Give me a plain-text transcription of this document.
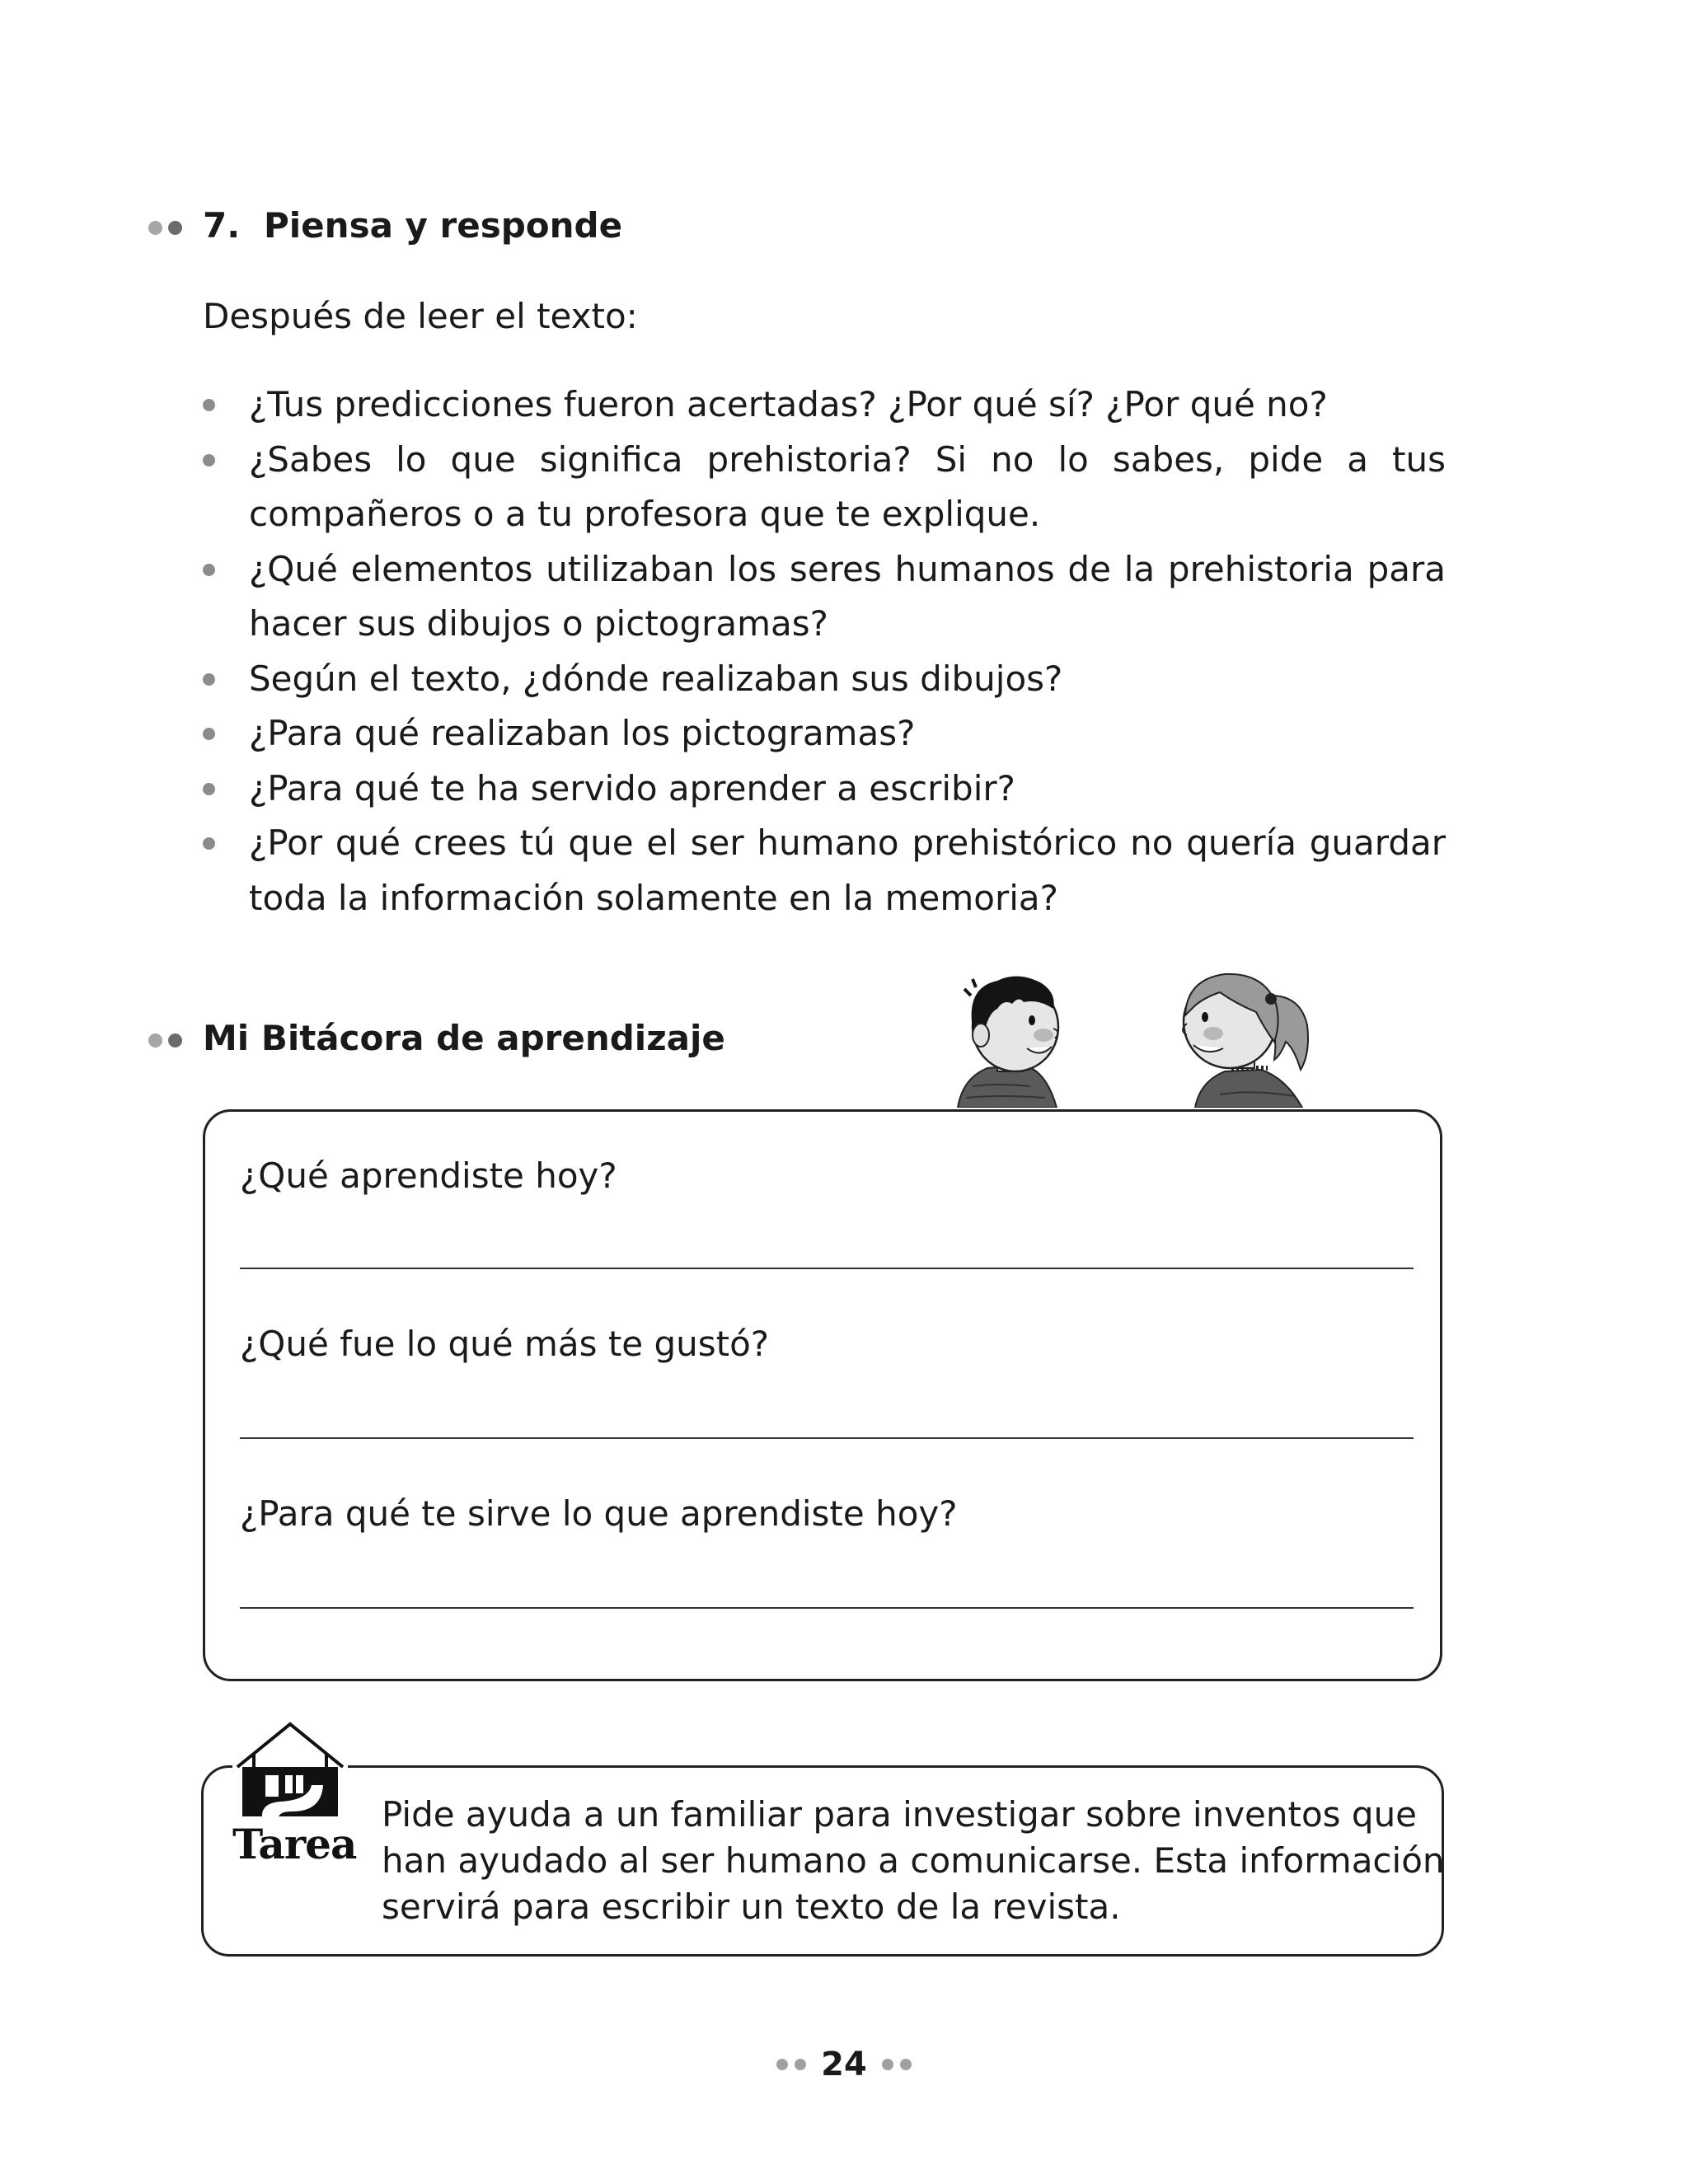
7. Piensa y responde
Después de leer el texto:
¿Tus predicciones fueron acertadas? ¿Por qué sí? ¿Por qué no?
¿Sabes lo que significa prehistoria? Si no lo sabes, pide a tus compañeros o a tu profesora que te explique.
¿Qué elementos utilizaban los seres humanos de la prehistoria para hacer sus dibujos o pictogramas?
Según el texto, ¿dónde realizaban sus dibujos?
¿Para qué realizaban los pictogramas?
¿Para qué te ha servido aprender a escribir?
¿Por qué crees tú que el ser humano prehistórico no quería guardar toda la información solamente en la memoria?
Mi Bitácora de aprendizaje
¿Qué aprendiste hoy?
¿Qué fue lo qué más te gustó?
¿Para qué te sirve lo que aprendiste hoy?
Pide ayuda a un familiar para investigar sobre inventos que
han ayudado al ser humano a comunicarse. Esta información
servirá para escribir un texto de la revista.
Tarea
24
